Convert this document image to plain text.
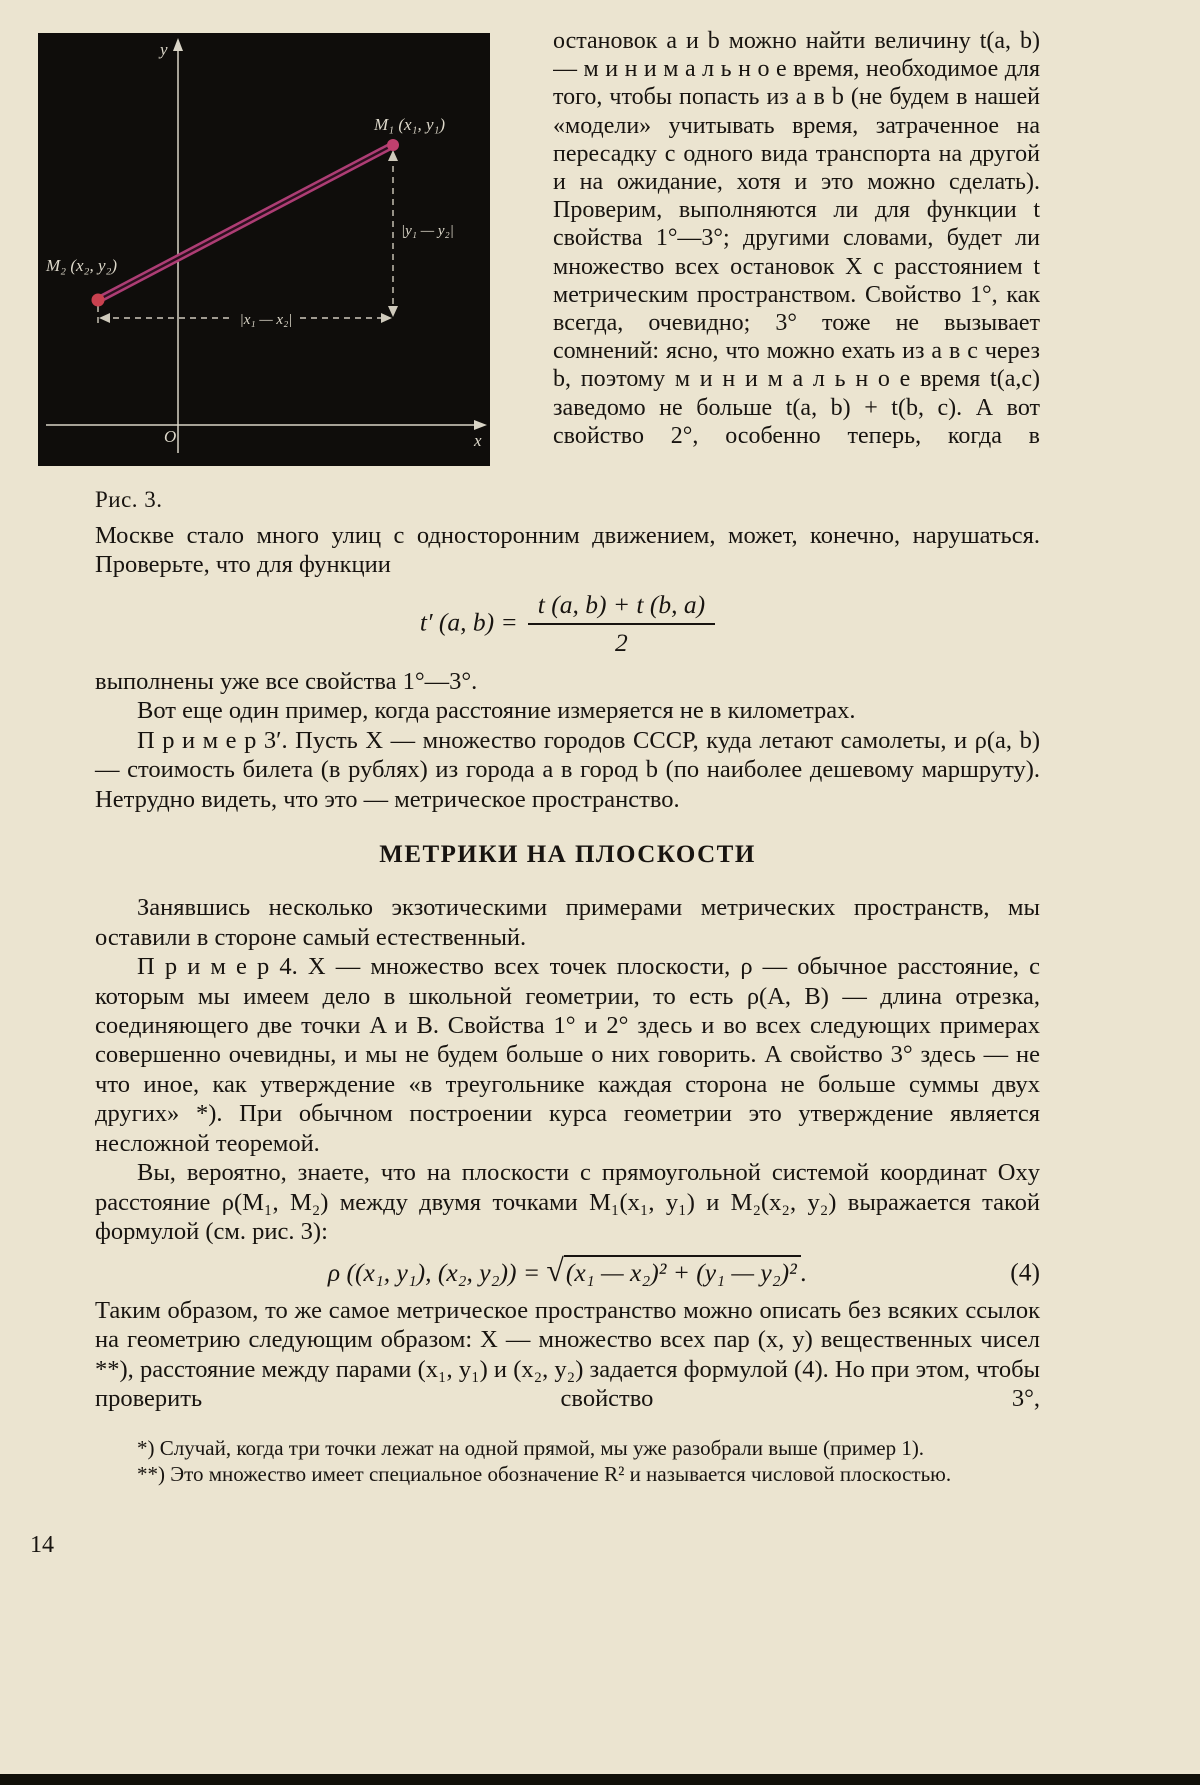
y
x
O
M₁ (x₁, y₁)
M₂ (x₂, y₂)
|y₁ — y₂|
|x₁ — x₂|
Рис. 3.
остановок a и b можно найти величину t(a, b) — м и н и м а л ь н о е время, необходимое для того, чтобы попасть из a в b (не будем в нашей «модели» учитывать время, затраченное на пересадку с одного вида транспорта на другой и на ожидание, хотя и это можно сделать). Проверим, выполняются ли для функции t свойства 1°—3°; другими словами, будет ли множество всех остановок X с расстоянием t метрическим пространством. Свойство 1°, как всегда, очевидно; 3° тоже не вызывает сомнений: ясно, что можно ехать из a в c через b, поэтому м и н и м а л ь н о е время t(a,c) заведомо не больше t(a, b) + t(b, c). А вот свойство 2°, особенно теперь, когда в

Москве стало много улиц с односторонним движением, может, конечно, нарушаться. Проверьте, что для функции

t′ (a, $b) = \frac{t (a, b) + t (b, a)}{2}$

выполнены уже все свойства 1°—3°.

Вот еще один пример, когда расстояние измеряется не в километрах.

П р и м е р 3′. Пусть X — множество городов СССР, куда летают самолеты, и ρ(a, b) — стоимость билета (в рублях) из города a в город b (по наиболее дешевому маршруту). Нетрудно видеть, что это — метрическое пространство.

МЕТРИКИ НА ПЛОСКОСТИ

Занявшись несколько экзотическими примерами метрических пространств, мы оставили в стороне самый естественный.

П р и м е р 4. X — множество всех точек плоскости, ρ — обычное расстояние, с которым мы имеем дело в школьной геометрии, то есть ρ(A, B) — длина отрезка, соединяющего две точки A и B. Свойства 1° и 2° здесь и во всех следующих примерах совершенно очевидны, и мы не будем больше о них говорить. А свойство 3° здесь — не что иное, как утверждение «в треугольнике каждая сторона не больше суммы двух других» *). При обычном построении курса геометрии это утверждение является несложной теоремой.

Вы, вероятно, знаете, что на плоскости с прямоугольной системой координат Oxy расстояние ρ(M₁, M₂) между двумя точками M₁(x₁, y₁) и M₂(x₂, y₂) выражается такой формулой (см. рис. 3):

ρ ((x₁, y₁), (x₂, y₂)) = √(x₁ — x₂)² + (y₁ — y₂)² .	(4)

Таким образом, то же самое метрическое пространство можно описать без всяких ссылок на геометрию следующим образом: X — множество всех пар (x, y) вещественных чисел **), расстояние между парами (x₁, y₁) и (x₂, y₂) задается формулой (4). Но при этом, чтобы проверить свойство 3°,

*) Случай, когда три точки лежат на одной прямой, мы уже разобрали выше (пример 1).

**) Это множество имеет специальное обозначение R² и называется числовой плоскостью.

14
